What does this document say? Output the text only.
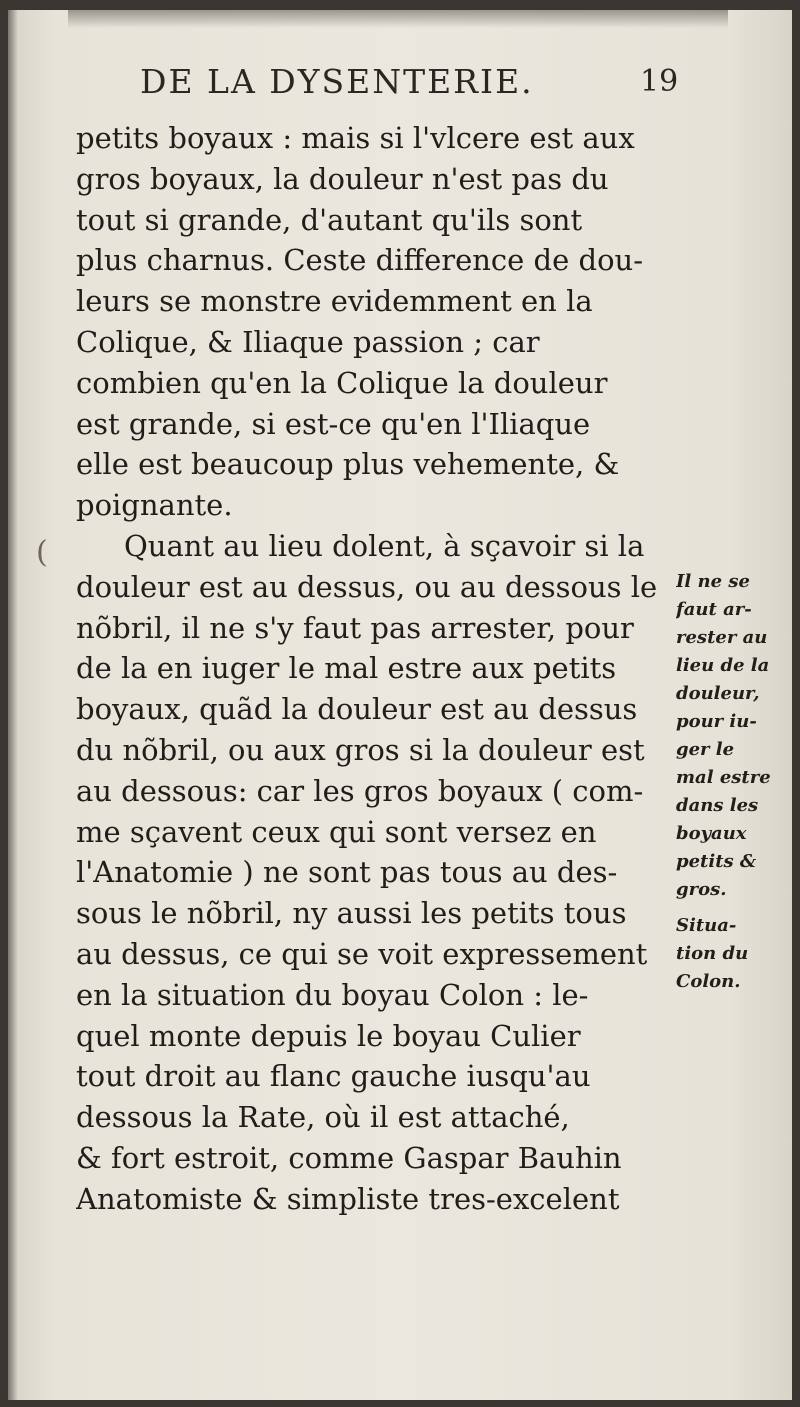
DE LA DYSENTERIE.	19
(
petits boyaux : mais si l'vlcere est aux
gros boyaux, la douleur n'est pas du
tout si grande, d'autant qu'ils sont
plus charnus. Ceste difference de dou-
leurs se monstre evidemment en la
Colique, & Iliaque passion ; car
combien qu'en la Colique la douleur
est grande, si est-ce qu'en l'Iliaque
elle est beaucoup plus vehemente, &
poignante.
Quant au lieu dolent, à sçavoir si la
douleur est au dessus, ou au dessous le
nõbril, il ne s'y faut pas arrester, pour
de la en iuger le mal estre aux petits
boyaux, quãd la douleur est au dessus
du nõbril, ou aux gros si la douleur est
au dessous: car les gros boyaux ( com-
me sçavent ceux qui sont versez en
l'Anatomie ) ne sont pas tous au des-
sous le nõbril, ny aussi les petits tous
au dessus, ce qui se voit expressement
en la situation du boyau Colon : le-
quel monte depuis le boyau Culier
tout droit au flanc gauche iusqu'au
dessous la Rate, où il est attaché,
& fort estroit, comme Gaspar Bauhin
Anatomiste & simpliste tres-excelent
Il ne se
faut ar-
rester au
lieu de la
douleur,
pour iu-
ger le
mal estre
dans les
boyaux
petits &
gros.
Situa-
tion du
Colon.
